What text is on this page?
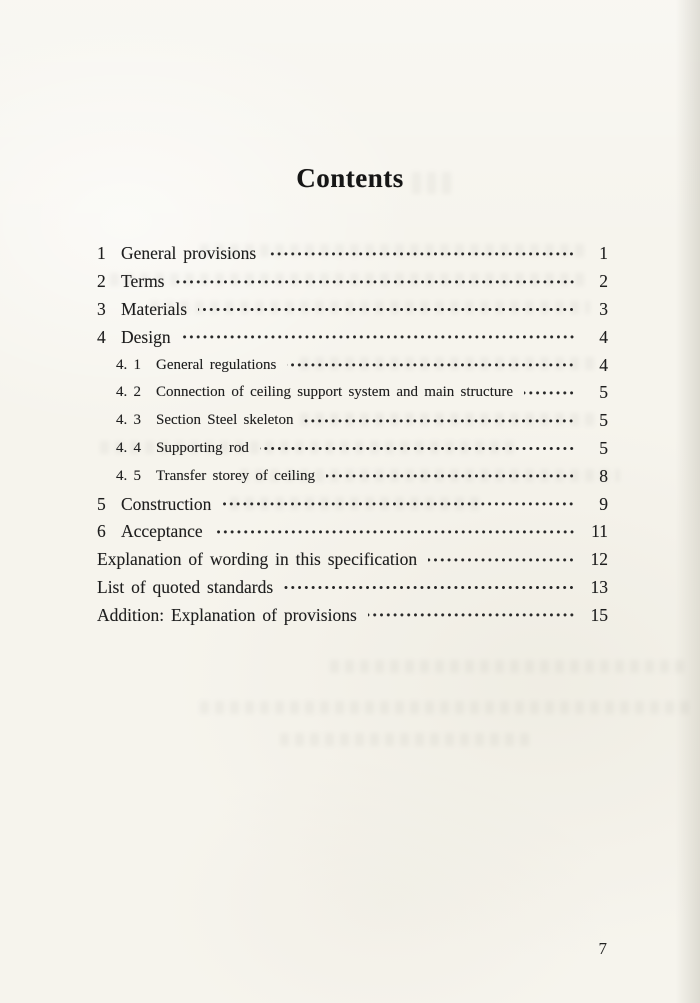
Contents
1 General provisions	1
2 Terms	2
3 Materials	3
4 Design	4
4. 1	General regulations	4
4. 2	Connection of ceiling support system and main structure	5
4. 3	Section Steel skeleton	5
4. 4	Supporting rod	5
4. 5	Transfer storey of ceiling	8
5 Construction	9
6 Acceptance	11
Explanation of wording in this specification	12
List of quoted standards	13
Addition: Explanation of provisions	15
7
